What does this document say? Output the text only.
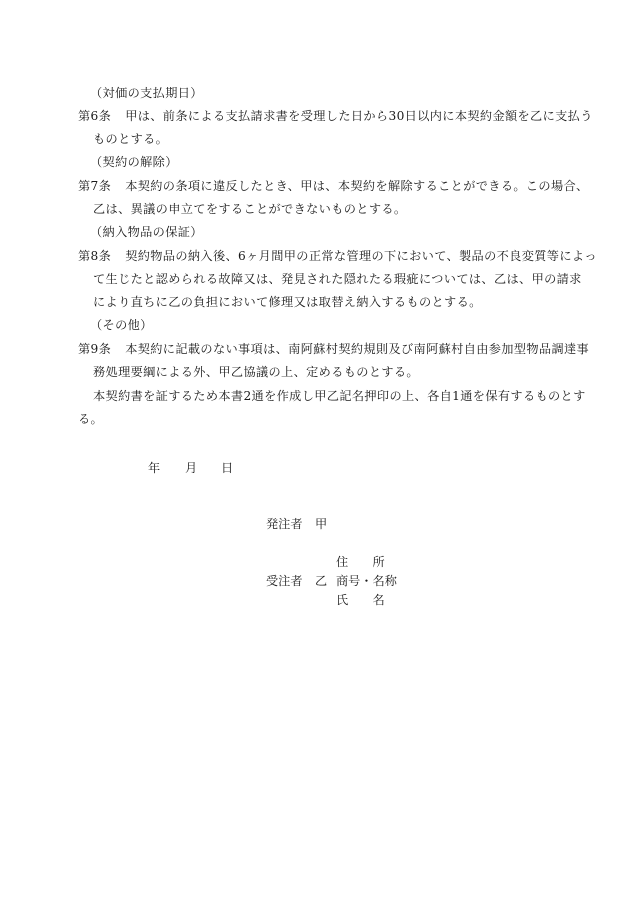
（対価の支払期日）
第6条 甲は、前条による支払請求書を受理した日から30日以内に本契約金額を乙に支払う
ものとする。
（契約の解除）
第7条 本契約の条項に違反したとき、甲は、本契約を解除することができる。この場合、
乙は、異議の申立てをすることができないものとする。
（納入物品の保証）
第8条 契約物品の納入後、6ヶ月間甲の正常な管理の下において、製品の不良変質等によっ
て生じたと認められる故障又は、発見された隠れたる瑕疵については、乙は、甲の請求
により直ちに乙の負担において修理又は取替え納入するものとする。
（その他）
第9条 本契約に記載のない事項は、南阿蘇村契約規則及び南阿蘇村自由参加型物品調達事
務処理要綱による外、甲乙協議の上、定めるものとする。
本契約書を証するため本書2通を作成し甲乙記名押印の上、各自1通を保有するものとす
る。
年 月 日
発注者 甲
住　　所
受注者 乙 商号・名称
氏　　名
